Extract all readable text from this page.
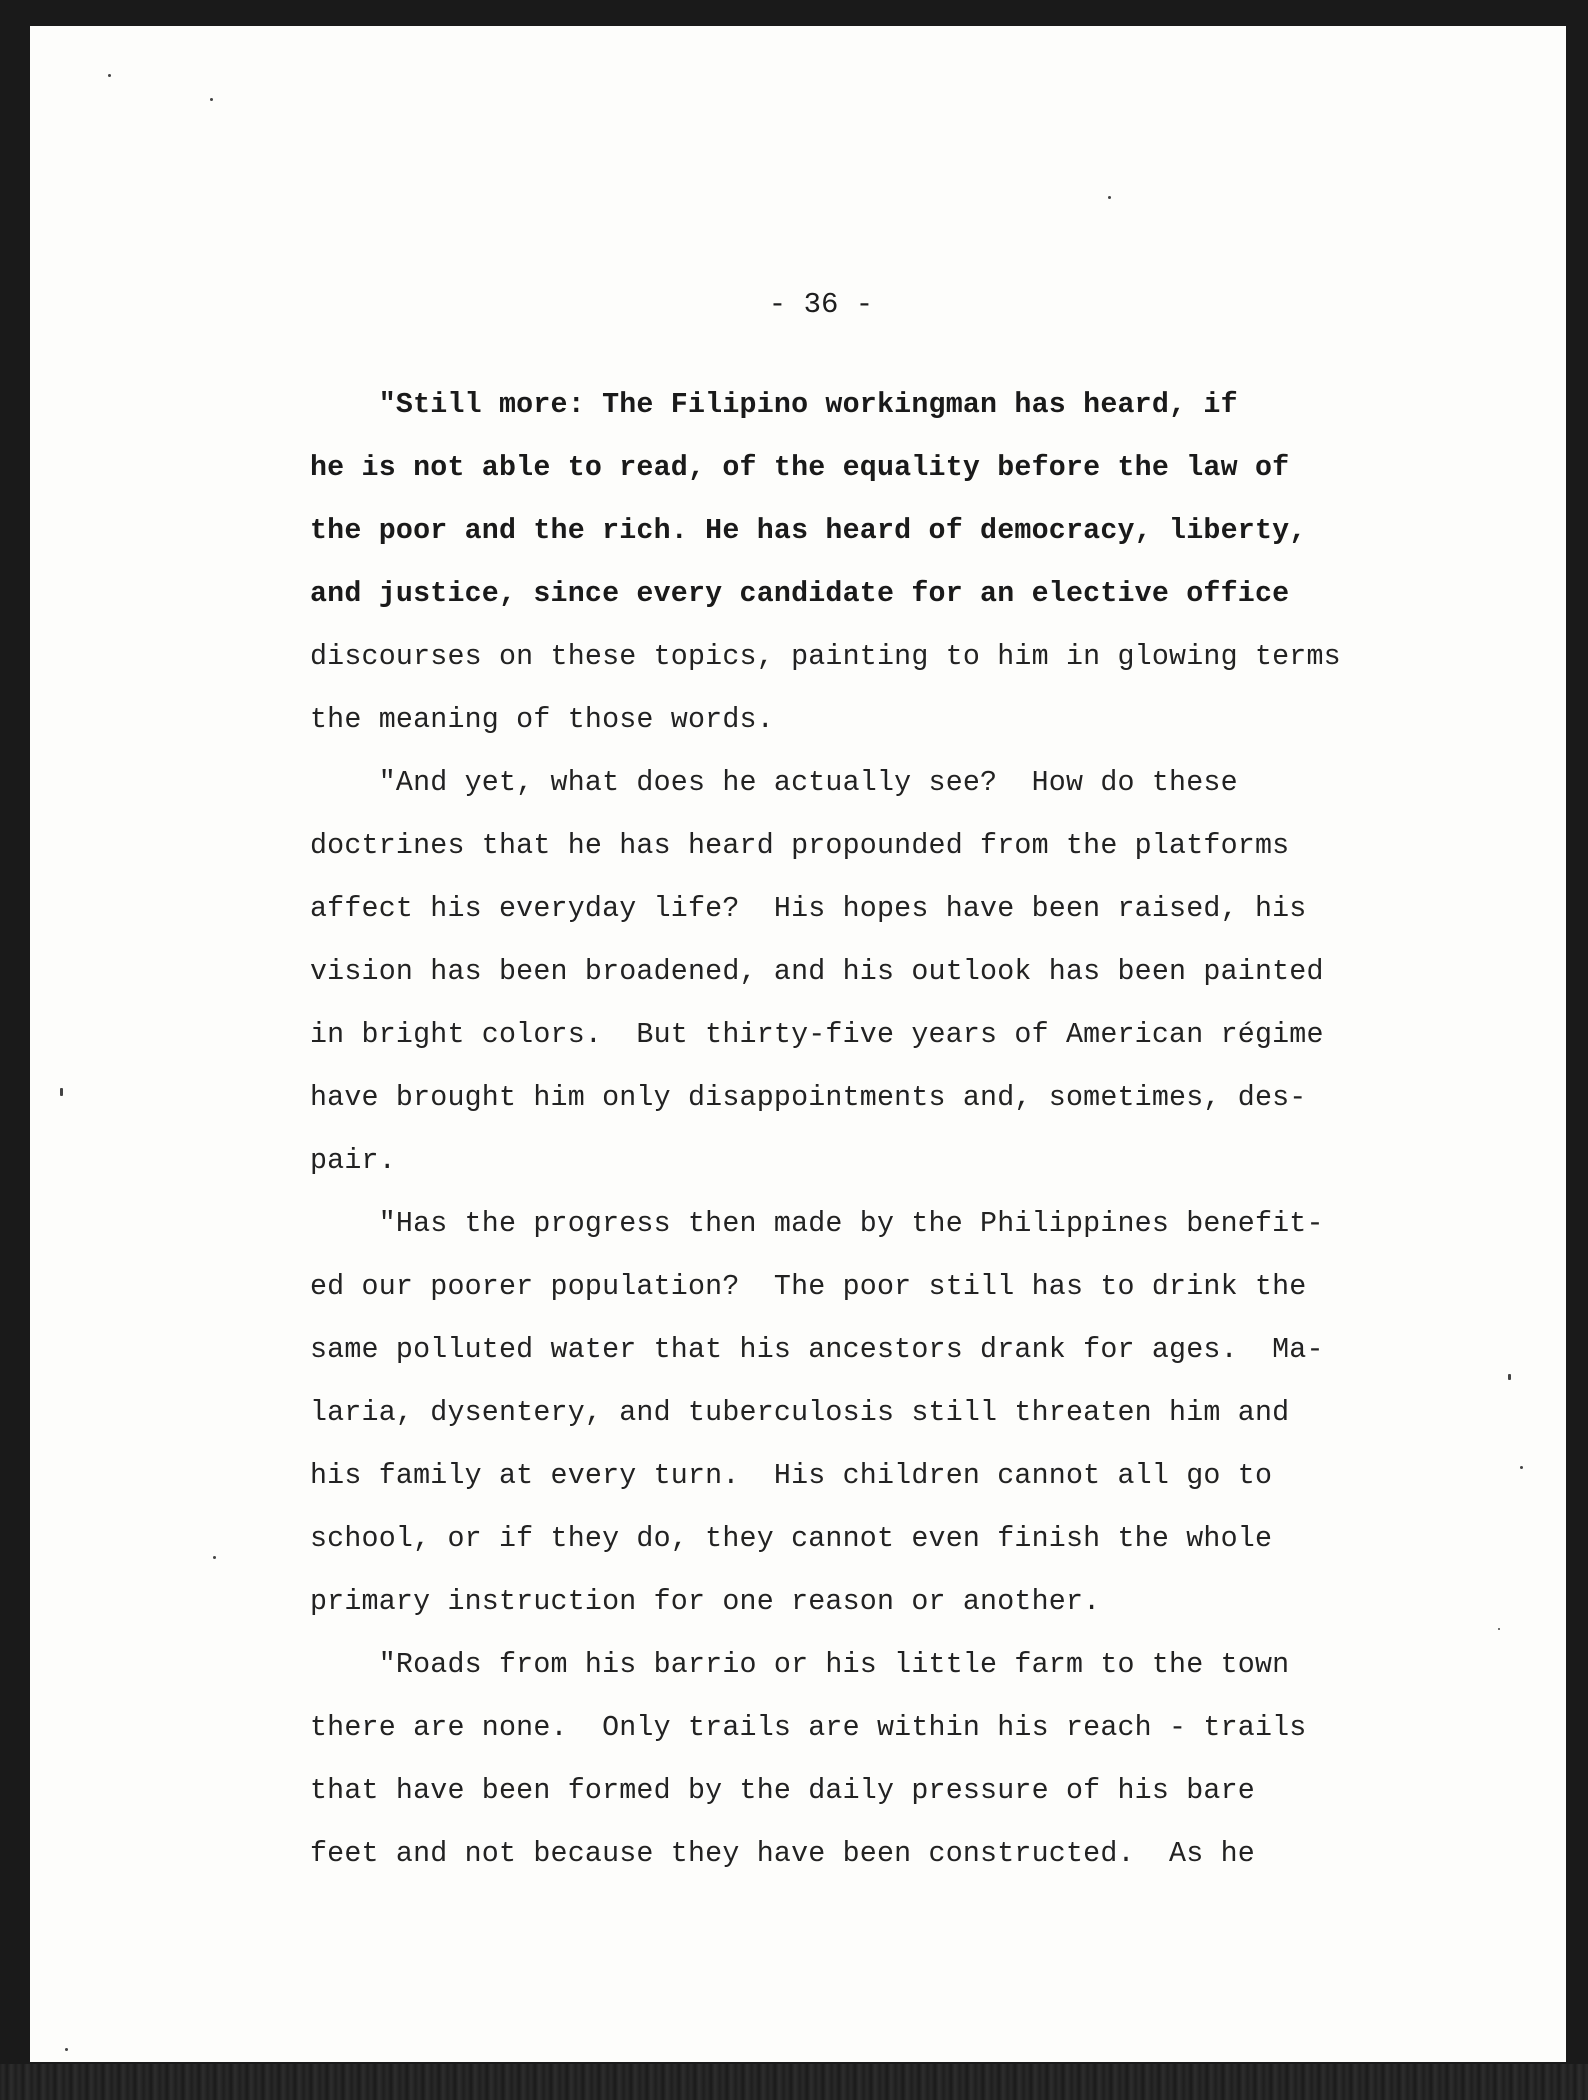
- 36 -
"Still more: The Filipino workingman has heard, if
he is not able to read, of the equality before the law of
the poor and the rich. He has heard of democracy, liberty,
and justice, since every candidate for an elective office
discourses on these topics, painting to him in glowing terms
the meaning of those words.
"And yet, what does he actually see?  How do these
doctrines that he has heard propounded from the platforms
affect his everyday life?  His hopes have been raised, his
vision has been broadened, and his outlook has been painted
in bright colors.  But thirty-five years of American régime
have brought him only disappointments and, sometimes, des-
pair.
"Has the progress then made by the Philippines benefit-
ed our poorer population?  The poor still has to drink the
same polluted water that his ancestors drank for ages.  Ma-
laria, dysentery, and tuberculosis still threaten him and
his family at every turn.  His children cannot all go to
school, or if they do, they cannot even finish the whole
primary instruction for one reason or another.
"Roads from his barrio or his little farm to the town
there are none.  Only trails are within his reach - trails
that have been formed by the daily pressure of his bare
feet and not because they have been constructed.  As he
